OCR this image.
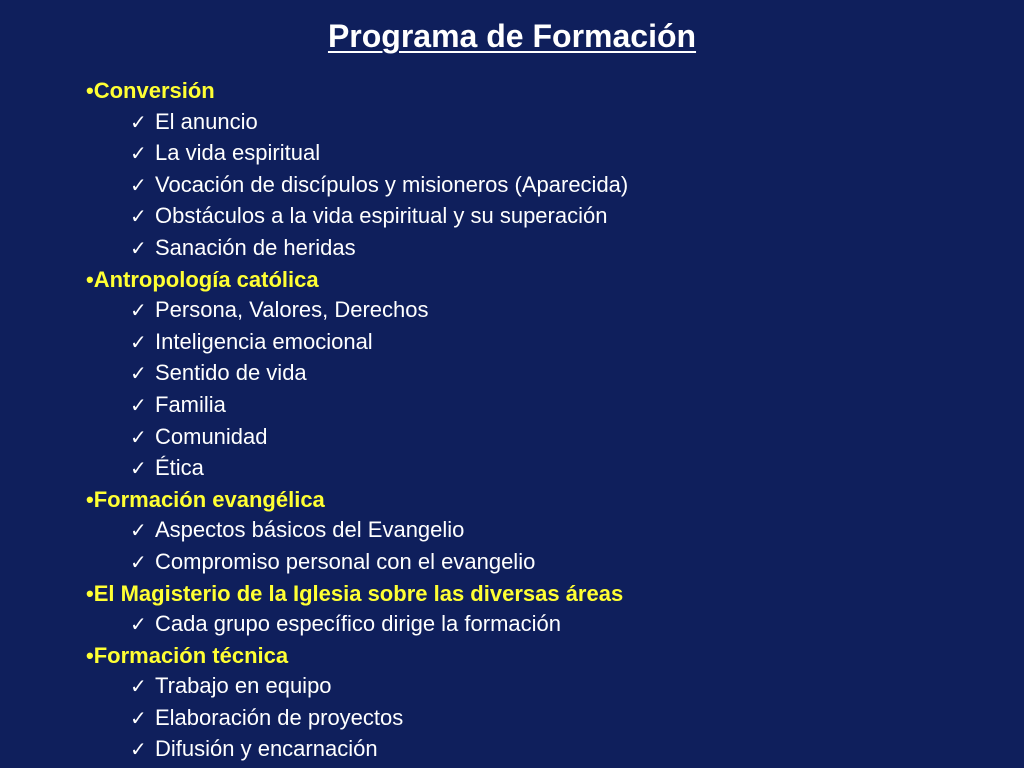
Programa de Formación
•Conversión
✓ El anuncio
✓ La vida espiritual
✓ Vocación de discípulos y misioneros (Aparecida)
✓ Obstáculos a la vida espiritual y su superación
✓ Sanación de heridas
•Antropología católica
✓ Persona, Valores, Derechos
✓ Inteligencia emocional
✓ Sentido de vida
✓ Familia
✓ Comunidad
✓ Ética
•Formación evangélica
✓ Aspectos básicos del Evangelio
✓ Compromiso personal con el evangelio
•El Magisterio de la Iglesia sobre las diversas áreas
✓ Cada grupo específico dirige la formación
•Formación técnica
✓ Trabajo en equipo
✓ Elaboración de proyectos
✓ Difusión y encarnación
